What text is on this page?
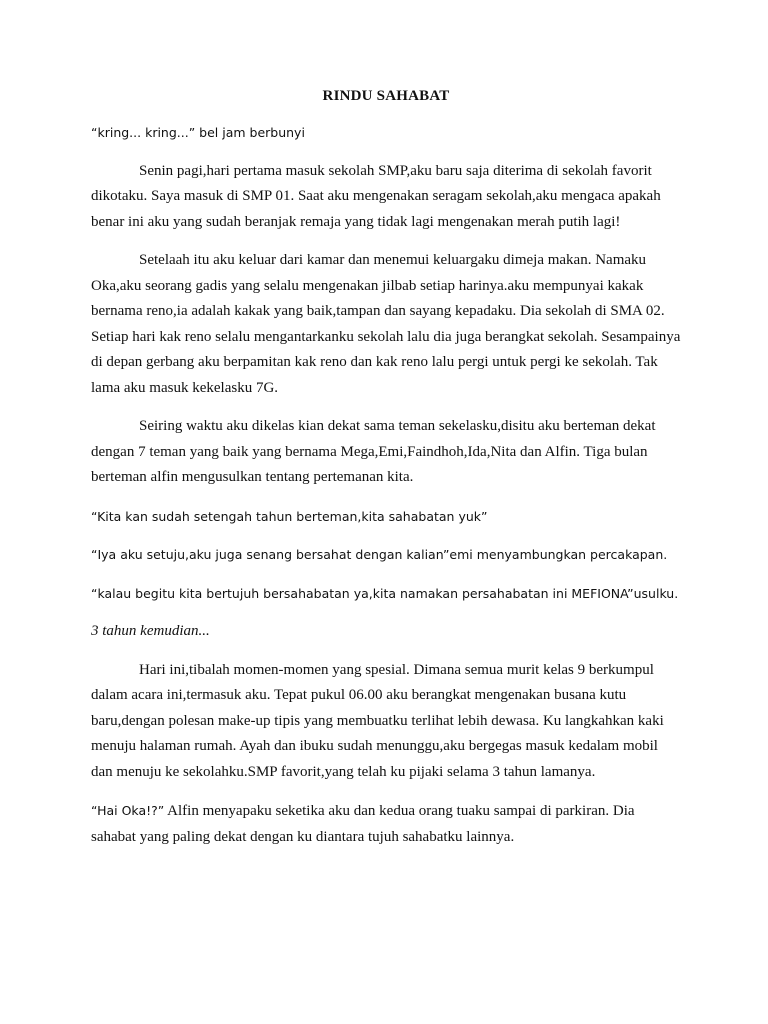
RINDU SAHABAT

“kring... kring...” bel jam berbunyi

Senin pagi,hari pertama masuk sekolah SMP,aku baru saja diterima di sekolah favorit dikotaku. Saya masuk di SMP 01. Saat aku mengenakan seragam sekolah,aku mengaca apakah benar ini aku yang sudah beranjak remaja yang tidak lagi mengenakan merah putih lagi!

Setelaah itu aku keluar dari kamar dan menemui keluargaku dimeja makan. Namaku Oka,aku seorang gadis yang selalu mengenakan jilbab setiap harinya.aku mempunyai kakak bernama reno,ia adalah kakak yang baik,tampan dan sayang kepadaku. Dia sekolah di SMA 02. Setiap hari kak reno selalu mengantarkanku sekolah lalu dia juga berangkat sekolah. Sesampainya di depan gerbang aku berpamitan kak reno dan kak reno lalu pergi untuk pergi ke sekolah. Tak lama aku masuk kekelasku 7G.

Seiring waktu aku dikelas kian dekat sama teman sekelasku,disitu aku berteman dekat dengan 7 teman yang baik yang bernama Mega,Emi,Faindhoh,Ida,Nita dan Alfin. Tiga bulan berteman alfin mengusulkan tentang pertemanan kita.

“Kita kan sudah setengah tahun berteman,kita sahabatan yuk”

“Iya aku setuju,aku juga senang bersahat dengan kalian”emi menyambungkan percakapan.

“kalau begitu kita bertujuh bersahabatan ya,kita namakan persahabatan ini MEFIONA”usulku.

3 tahun kemudian...

Hari ini,tibalah momen-momen yang spesial. Dimana semua murit kelas 9 berkumpul dalam acara ini,termasuk aku. Tepat pukul 06.00 aku berangkat mengenakan busana kutu baru,dengan polesan make-up tipis yang membuatku terlihat lebih dewasa. Ku langkahkan kaki menuju halaman rumah. Ayah dan ibuku sudah menunggu,aku bergegas masuk kedalam mobil dan menuju ke sekolahku.SMP favorit,yang telah ku pijaki selama 3 tahun lamanya.

“Hai Oka!?” Alfin menyapaku seketika aku dan kedua orang tuaku sampai di parkiran. Dia sahabat yang paling dekat dengan ku diantara tujuh sahabatku lainnya.
